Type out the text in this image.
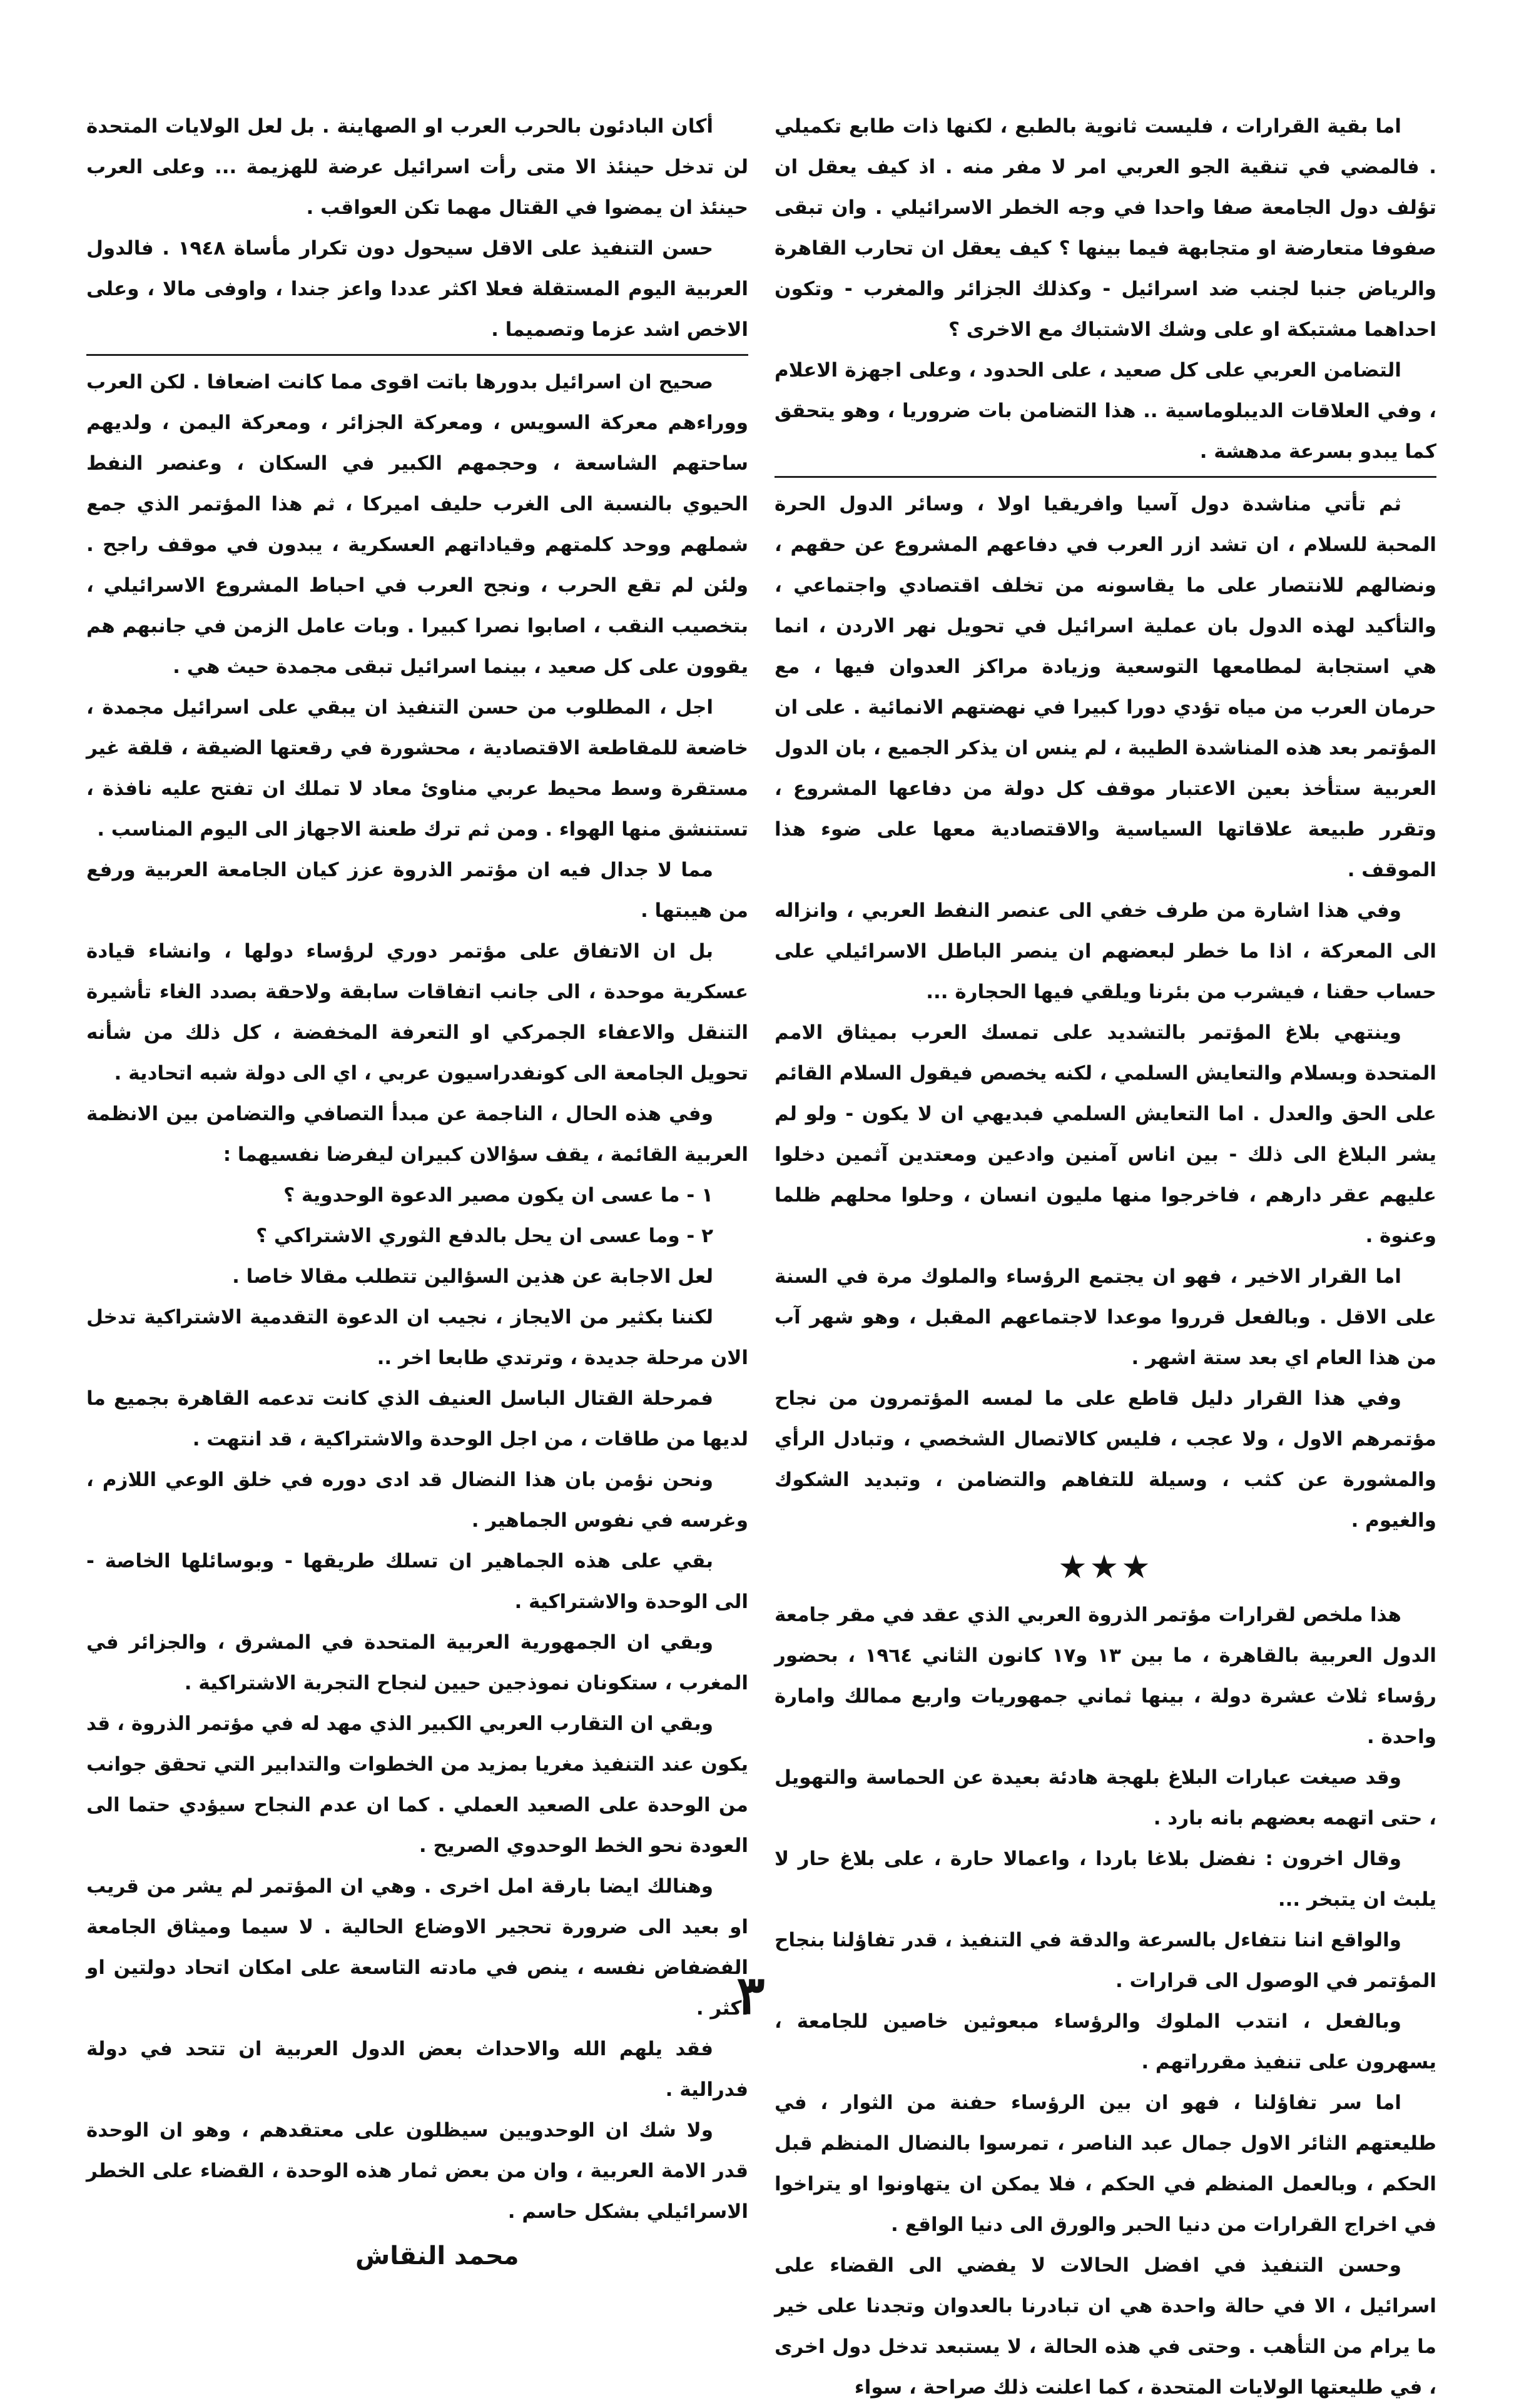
اما بقية القرارات ، فليست ثانوية بالطبع ، لكنها ذات طابع تكميلي . فالمضي في تنقية الجو العربي امر لا مفر منه . اذ كيف يعقل ان تؤلف دول الجامعة صفا واحدا في وجه الخطر الاسرائيلي . وان تبقى صفوفا متعارضة او متجابهة فيما بينها ؟ كيف يعقل ان تحارب القاهرة والرياض جنبا لجنب ضد اسرائيل - وكذلك الجزائر والمغرب - وتكون احداهما مشتبكة او على وشك الاشتباك مع الاخرى ؟

التضامن العربي على كل صعيد ، على الحدود ، وعلى اجهزة الاعلام ، وفي العلاقات الديبلوماسية .. هذا التضامن بات ضروريا ، وهو يتحقق كما يبدو بسرعة مدهشة .

ثم تأتي مناشدة دول آسيا وافريقيا اولا ، وسائر الدول الحرة المحبة للسلام ، ان تشد ازر العرب في دفاعهم المشروع عن حقهم ، ونضالهم للانتصار على ما يقاسونه من تخلف اقتصادي واجتماعي ، والتأكيد لهذه الدول بان عملية اسرائيل في تحويل نهر الاردن ، انما هي استجابة لمطامعها التوسعية وزيادة مراكز العدوان فيها ، مع حرمان العرب من مياه تؤدي دورا كبيرا في نهضتهم الانمائية . على ان المؤتمر بعد هذه المناشدة الطيبة ، لم ينس ان يذكر الجميع ، بان الدول العربية ستأخذ بعين الاعتبار موقف كل دولة من دفاعها المشروع ، وتقرر طبيعة علاقاتها السياسية والاقتصادية معها على ضوء هذا الموقف .

وفي هذا اشارة من طرف خفي الى عنصر النفط العربي ، وانزاله الى المعركة ، اذا ما خطر لبعضهم ان ينصر الباطل الاسرائيلي على حساب حقنا ، فيشرب من بئرنا ويلقي فيها الحجارة ...

وينتهي بلاغ المؤتمر بالتشديد على تمسك العرب بميثاق الامم المتحدة وبسلام والتعايش السلمي ، لكنه يخصص فيقول السلام القائم على الحق والعدل . اما التعايش السلمي فبديهي ان لا يكون - ولو لم يشر البلاغ الى ذلك - بين اناس آمنين وادعين ومعتدين آثمين دخلوا عليهم عقر دارهم ، فاخرجوا منها مليون انسان ، وحلوا محلهم ظلما وعنوة .

اما القرار الاخير ، فهو ان يجتمع الرؤساء والملوك مرة في السنة على الاقل . وبالفعل قرروا موعدا لاجتماعهم المقبل ، وهو شهر آب من هذا العام اي بعد ستة اشهر .

وفي هذا القرار دليل قاطع على ما لمسه المؤتمرون من نجاح مؤتمرهم الاول ، ولا عجب ، فليس كالاتصال الشخصي ، وتبادل الرأي والمشورة عن كثب ، وسيلة للتفاهم والتضامن ، وتبديد الشكوك والغيوم .

★★★

هذا ملخص لقرارات مؤتمر الذروة العربي الذي عقد في مقر جامعة الدول العربية بالقاهرة ، ما بين ١٣ و١٧ كانون الثاني ١٩٦٤ ، بحضور رؤساء ثلاث عشرة دولة ، بينها ثماني جمهوريات واربع ممالك وامارة واحدة .

وقد صيغت عبارات البلاغ بلهجة هادئة بعيدة عن الحماسة والتهويل ، حتى اتهمه بعضهم بانه بارد .

وقال اخرون : نفضل بلاغا باردا ، واعمالا حارة ، على بلاغ حار لا يلبث ان يتبخر ...

والواقع اننا نتفاءل بالسرعة والدقة في التنفيذ ، قدر تفاؤلنا بنجاح المؤتمر في الوصول الى قرارات .

وبالفعل ، انتدب الملوك والرؤساء مبعوثين خاصين للجامعة ، يسهرون على تنفيذ مقرراتهم .

اما سر تفاؤلنا ، فهو ان بين الرؤساء حفنة من الثوار ، في طليعتهم الثائر الاول جمال عبد الناصر ، تمرسوا بالنضال المنظم قبل الحكم ، وبالعمل المنظم في الحكم ، فلا يمكن ان يتهاونوا او يتراخوا في اخراج القرارات من دنيا الحبر والورق الى دنيا الواقع .

وحسن التنفيذ في افضل الحالات لا يفضي الى القضاء على اسرائيل ، الا في حالة واحدة هي ان تبادرنا بالعدوان وتجدنا على خير ما يرام من التأهب . وحتى في هذه الحالة ، لا يستبعد تدخل دول اخرى ، في طليعتها الولايات المتحدة ، كما اعلنت ذلك صراحة ، سواء

أكان البادئون بالحرب العرب او الصهاينة . بل لعل الولايات المتحدة لن تدخل حينئذ الا متى رأت اسرائيل عرضة للهزيمة ... وعلى العرب حينئذ ان يمضوا في القتال مهما تكن العواقب .

حسن التنفيذ على الاقل سيحول دون تكرار مأساة ١٩٤٨ . فالدول العربية اليوم المستقلة فعلا اكثر عددا واعز جندا ، واوفى مالا ، وعلى الاخص اشد عزما وتصميما .

صحيح ان اسرائيل بدورها باتت اقوى مما كانت اضعافا . لكن العرب ووراءهم معركة السويس ، ومعركة الجزائر ، ومعركة اليمن ، ولديهم ساحتهم الشاسعة ، وحجمهم الكبير في السكان ، وعنصر النفط الحيوي بالنسبة الى الغرب حليف اميركا ، ثم هذا المؤتمر الذي جمع شملهم ووحد كلمتهم وقياداتهم العسكرية ، يبدون في موقف راجح . ولئن لم تقع الحرب ، ونجح العرب في احباط المشروع الاسرائيلي ، بتخصيب النقب ، اصابوا نصرا كبيرا . وبات عامل الزمن في جانبهم هم يقوون على كل صعيد ، بينما اسرائيل تبقى مجمدة حيث هي .

اجل ، المطلوب من حسن التنفيذ ان يبقي على اسرائيل مجمدة ، خاضعة للمقاطعة الاقتصادية ، محشورة في رقعتها الضيقة ، قلقة غير مستقرة وسط محيط عربي مناوئ معاد لا تملك ان تفتح عليه نافذة ، تستنشق منها الهواء . ومن ثم ترك طعنة الاجهاز الى اليوم المناسب .

مما لا جدال فيه ان مؤتمر الذروة عزز كيان الجامعة العربية ورفع من هيبتها .

بل ان الاتفاق على مؤتمر دوري لرؤساء دولها ، وانشاء قيادة عسكرية موحدة ، الى جانب اتفاقات سابقة ولاحقة بصدد الغاء تأشيرة التنقل والاعفاء الجمركي او التعرفة المخفضة ، كل ذلك من شأنه تحويل الجامعة الى كونفدراسيون عربي ، اي الى دولة شبه اتحادية .

وفي هذه الحال ، الناجمة عن مبدأ التصافي والتضامن بين الانظمة العربية القائمة ، يقف سؤالان كبيران ليفرضا نفسيهما :

١ - ما عسى ان يكون مصير الدعوة الوحدوية ؟

٢ - وما عسى ان يحل بالدفع الثوري الاشتراكي ؟

لعل الاجابة عن هذين السؤالين تتطلب مقالا خاصا .

لكننا بكثير من الايجاز ، نجيب ان الدعوة التقدمية الاشتراكية تدخل الان مرحلة جديدة ، وترتدي طابعا اخر ..

فمرحلة القتال الباسل العنيف الذي كانت تدعمه القاهرة بجميع ما لديها من طاقات ، من اجل الوحدة والاشتراكية ، قد انتهت .

ونحن نؤمن بان هذا النضال قد ادى دوره في خلق الوعي اللازم ، وغرسه في نفوس الجماهير .

بقي على هذه الجماهير ان تسلك طريقها - وبوسائلها الخاصة - الى الوحدة والاشتراكية .

وبقي ان الجمهورية العربية المتحدة في المشرق ، والجزائر في المغرب ، ستكونان نموذجين حيين لنجاح التجربة الاشتراكية .

وبقي ان التقارب العربي الكبير الذي مهد له في مؤتمر الذروة ، قد يكون عند التنفيذ مغريا بمزيد من الخطوات والتدابير التي تحقق جوانب من الوحدة على الصعيد العملي . كما ان عدم النجاح سيؤدي حتما الى العودة نحو الخط الوحدوي الصريح .

وهنالك ايضا بارقة امل اخرى . وهي ان المؤتمر لم يشر من قريب او بعيد الى ضرورة تحجير الاوضاع الحالية . لا سيما وميثاق الجامعة الفضفاض نفسه ، ينص في مادته التاسعة على امكان اتحاد دولتين او اكثر .

فقد يلهم الله والاحداث بعض الدول العربية ان تتحد في دولة فدرالية .

ولا شك ان الوحدويين سيظلون على معتقدهم ، وهو ان الوحدة قدر الامة العربية ، وان من بعض ثمار هذه الوحدة ، القضاء على الخطر الاسرائيلي بشكل حاسم .

محمد النقاش
٣
